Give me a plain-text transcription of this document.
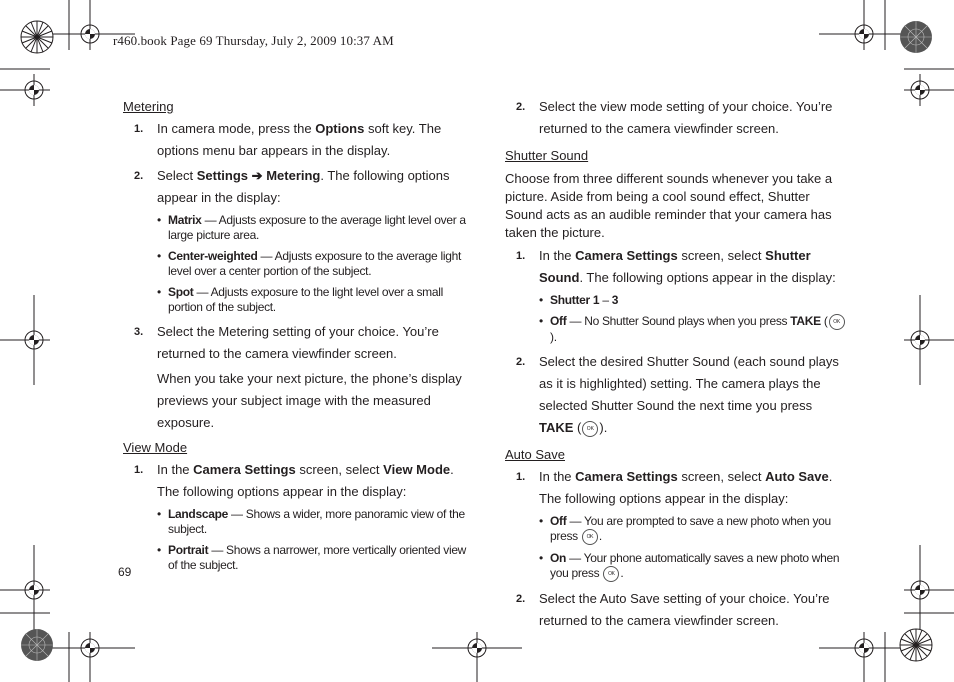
r460.book Page 69 Thursday, July 2, 2009 10:37 AM

Metering

1. In camera mode, press the Options soft key. The options menu bar appears in the display.

2. Select Settings ➔ Metering. The following options appear in the display:

• Matrix — Adjusts exposure to the average light level over a large picture area.
• Center-weighted — Adjusts exposure to the average light level over a center portion of the subject.
• Spot — Adjusts exposure to the light level over a small portion of the subject.

3. Select the Metering setting of your choice. You’re returned to the camera viewfinder screen.

When you take your next picture, the phone’s display previews your subject image with the measured exposure.

View Mode

1. In the Camera Settings screen, select View Mode. The following options appear in the display:

• Landscape — Shows a wider, more panoramic view of the subject.
• Portrait — Shows a narrower, more vertically oriented view of the subject.
69

2. Select the view mode setting of your choice. You’re returned to the camera viewfinder screen.

Shutter Sound

Choose from three different sounds whenever you take a picture. Aside from being a cool sound effect, Shutter Sound acts as an audible reminder that your camera has taken the picture.

1. In the Camera Settings screen, select Shutter Sound. The following options appear in the display:

• Shutter 1 – 3
• Off — No Shutter Sound plays when you press TAKE ( OK).

2. Select the desired Shutter Sound (each sound plays as it is highlighted) setting. The camera plays the selected Shutter Sound the next time you press TAKE ( OK ).

Auto Save

1. In the Camera Settings screen, select Auto Save. The following options appear in the display:

• Off — You are prompted to save a new photo when you press OK .
• On — Your phone automatically saves a new photo when you press OK .

2. Select the Auto Save setting of your choice. You’re returned to the camera viewfinder screen.
